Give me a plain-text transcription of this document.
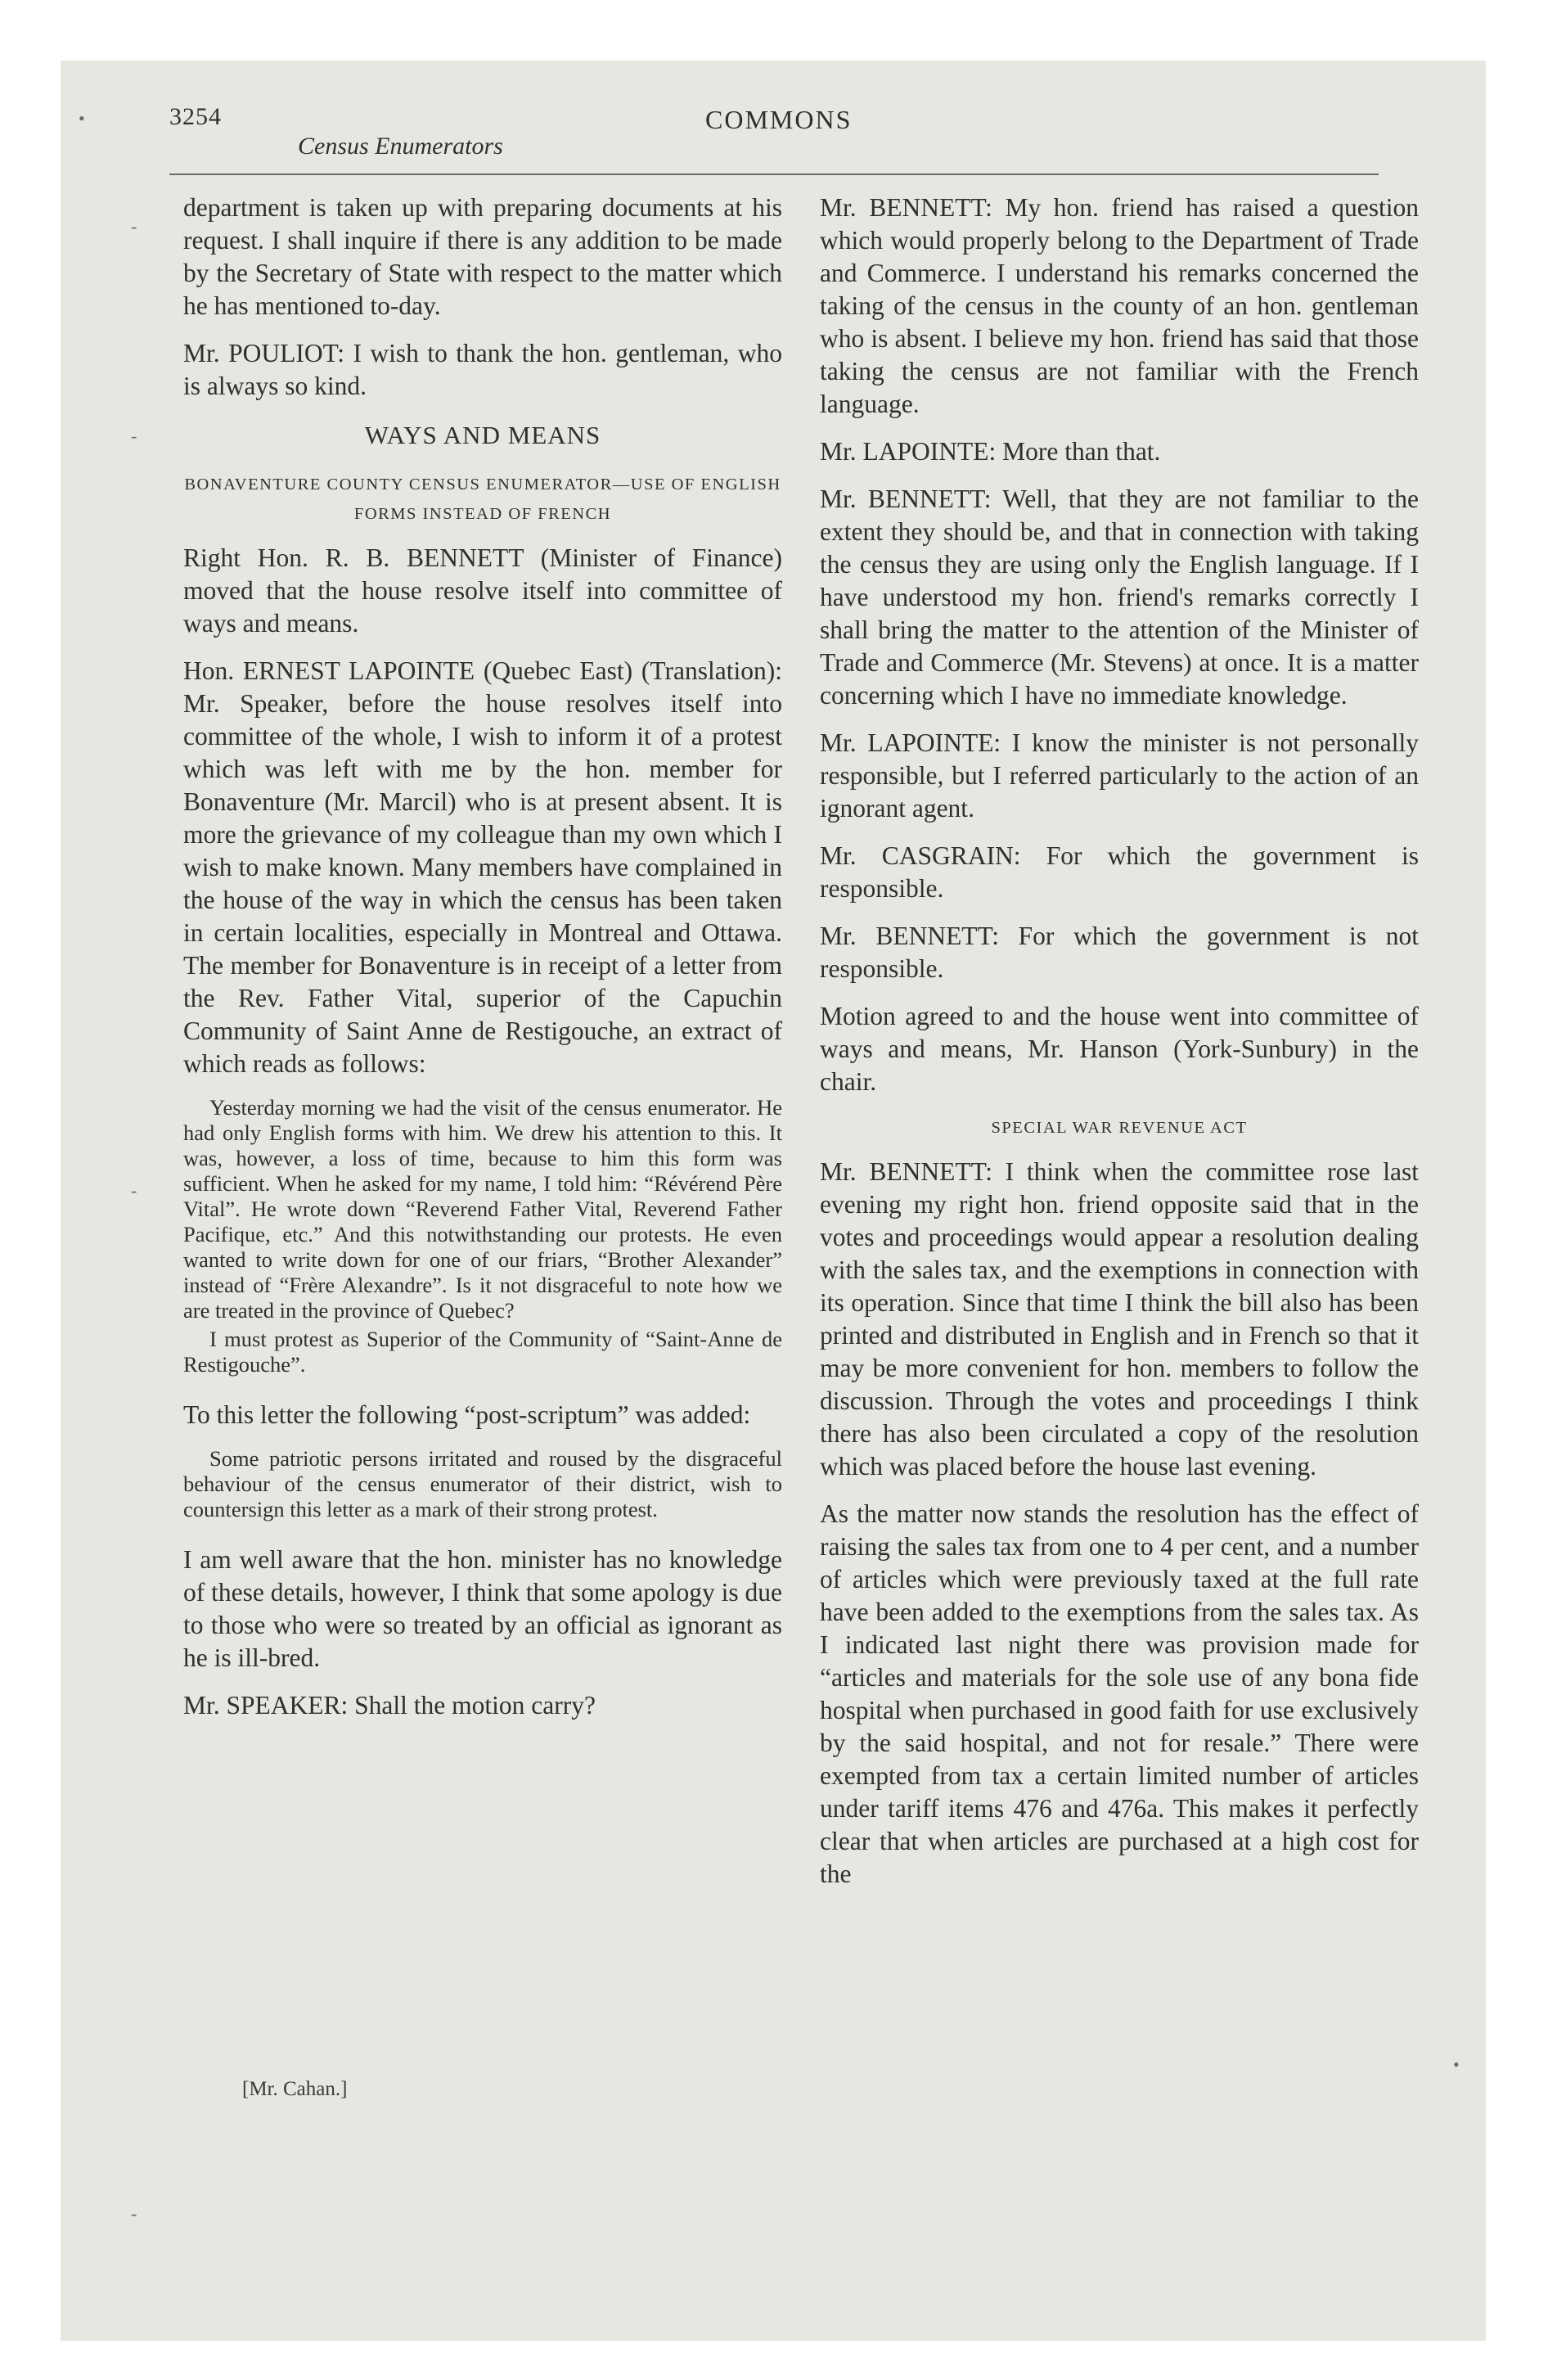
3254
Census Enumerators
COMMONS

department is taken up with preparing documents at his request. I shall inquire if there is any addition to be made by the Secretary of State with respect to the matter which he has mentioned to-day.

Mr. POULIOT: I wish to thank the hon. gentleman, who is always so kind.

WAYS AND MEANS
BONAVENTURE COUNTY CENSUS ENUMERATOR—USE OF ENGLISH FORMS INSTEAD OF FRENCH

Right Hon. R. B. BENNETT (Minister of Finance) moved that the house resolve itself into committee of ways and means.

Hon. ERNEST LAPOINTE (Quebec East) (Translation): Mr. Speaker, before the house resolves itself into committee of the whole, I wish to inform it of a protest which was left with me by the hon. member for Bonaventure (Mr. Marcil) who is at present absent. It is more the grievance of my colleague than my own which I wish to make known. Many members have complained in the house of the way in which the census has been taken in certain localities, especially in Montreal and Ottawa. The member for Bonaventure is in receipt of a letter from the Rev. Father Vital, superior of the Capuchin Community of Saint Anne de Restigouche, an extract of which reads as follows:

Yesterday morning we had the visit of the census enumerator. He had only English forms with him. We drew his attention to this. It was, however, a loss of time, because to him this form was sufficient. When he asked for my name, I told him: “Révérend Père Vital”. He wrote down “Reverend Father Vital, Reverend Father Pacifique, etc.” And this notwithstanding our protests. He even wanted to write down for one of our friars, “Brother Alexander” instead of “Frère Alexandre”. Is it not disgraceful to note how we are treated in the province of Quebec?

I must protest as Superior of the Community of “Saint-Anne de Restigouche”.

To this letter the following “post-scriptum” was added:

Some patriotic persons irritated and roused by the disgraceful behaviour of the census enumerator of their district, wish to countersign this letter as a mark of their strong protest.

I am well aware that the hon. minister has no knowledge of these details, however, I think that some apology is due to those who were so treated by an official as ignorant as he is ill-bred.

Mr. SPEAKER: Shall the motion carry?

[Mr. Cahan.]

Mr. BENNETT: My hon. friend has raised a question which would properly belong to the Department of Trade and Commerce. I understand his remarks concerned the taking of the census in the county of an hon. gentleman who is absent. I believe my hon. friend has said that those taking the census are not familiar with the French language.

Mr. LAPOINTE: More than that.

Mr. BENNETT: Well, that they are not familiar to the extent they should be, and that in connection with taking the census they are using only the English language. If I have understood my hon. friend's remarks correctly I shall bring the matter to the attention of the Minister of Trade and Commerce (Mr. Stevens) at once. It is a matter concerning which I have no immediate knowledge.

Mr. LAPOINTE: I know the minister is not personally responsible, but I referred particularly to the action of an ignorant agent.

Mr. CASGRAIN: For which the government is responsible.

Mr. BENNETT: For which the government is not responsible.

Motion agreed to and the house went into committee of ways and means, Mr. Hanson (York-Sunbury) in the chair.

SPECIAL WAR REVENUE ACT

Mr. BENNETT: I think when the committee rose last evening my right hon. friend opposite said that in the votes and proceedings would appear a resolution dealing with the sales tax, and the exemptions in connection with its operation. Since that time I think the bill also has been printed and distributed in English and in French so that it may be more convenient for hon. members to follow the discussion. Through the votes and proceedings I think there has also been circulated a copy of the resolution which was placed before the house last evening.

As the matter now stands the resolution has the effect of raising the sales tax from one to 4 per cent, and a number of articles which were previously taxed at the full rate have been added to the exemptions from the sales tax. As I indicated last night there was provision made for “articles and materials for the sole use of any bona fide hospital when purchased in good faith for use exclusively by the said hospital, and not for resale.” There were exempted from tax a certain limited number of articles under tariff items 476 and 476a. This makes it perfectly clear that when articles are purchased at a high cost for the

•
-
-
-
-
•
